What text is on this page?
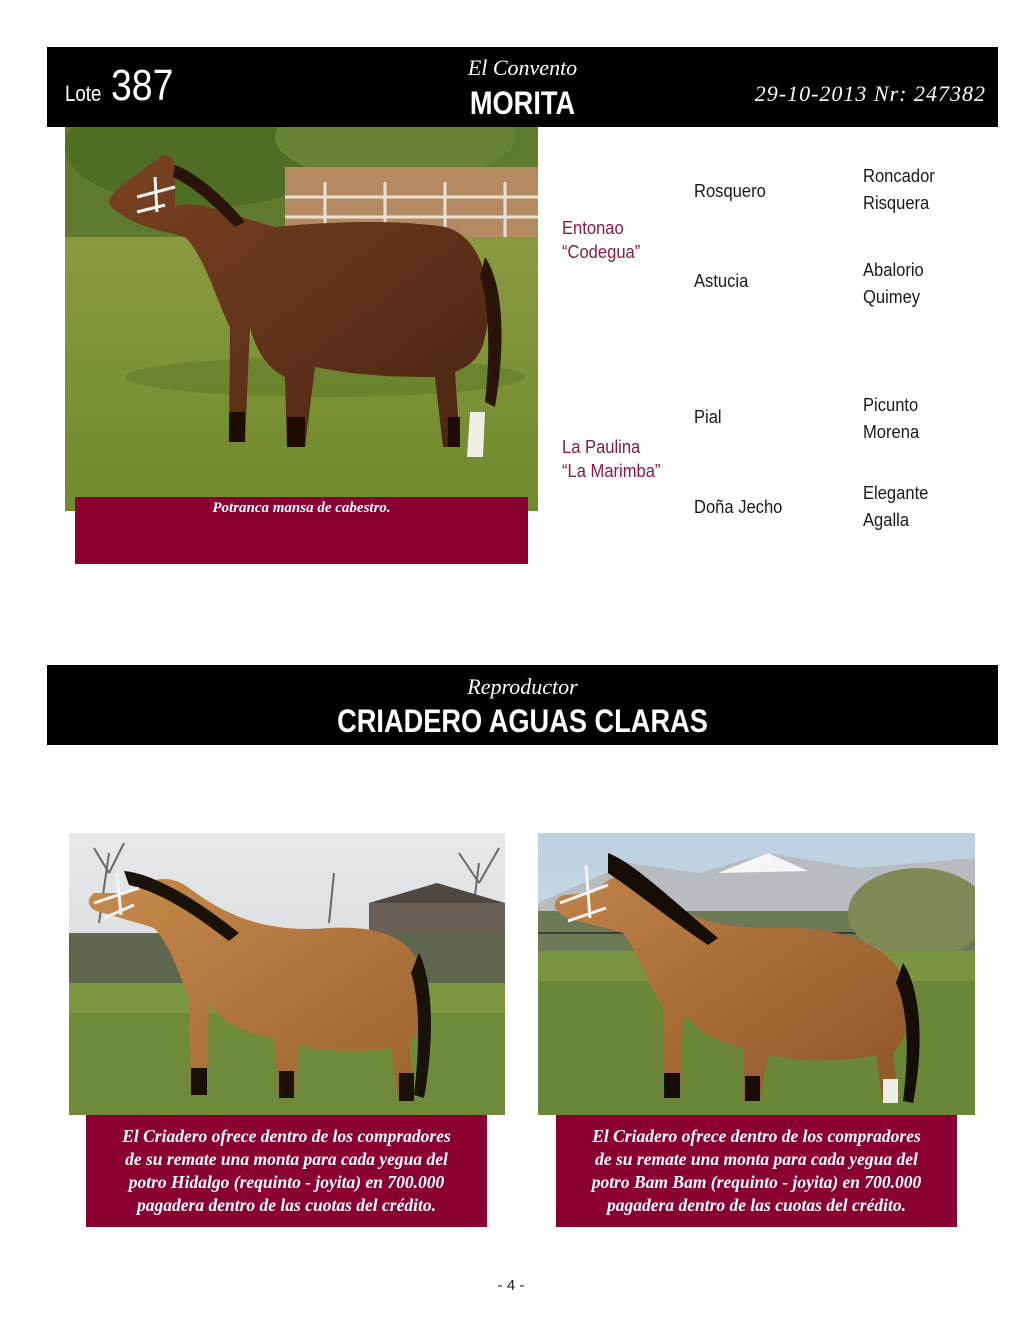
Lote 387	El Convento
MORITA	29-10-2013 Nr: 247382
Potranca mansa de cabestro.
Entonao
“Codegua”
La Paulina
“La Marimba”
Rosquero
Astucia
Pial
Doña Jecho
Roncador
Risquera
Abalorio
Quimey
Picunto
Morena
Elegante
Agalla
Reproductor
CRIADERO AGUAS CLARAS
El Criadero ofrece dentro de los compradores
de su remate una monta para cada yegua del
potro Hidalgo (requinto - joyita) en 700.000
pagadera dentro de las cuotas del crédito.
El Criadero ofrece dentro de los compradores
de su remate una monta para cada yegua del
potro Bam Bam (requinto - joyita) en 700.000
pagadera dentro de las cuotas del crédito.
- 4 -
